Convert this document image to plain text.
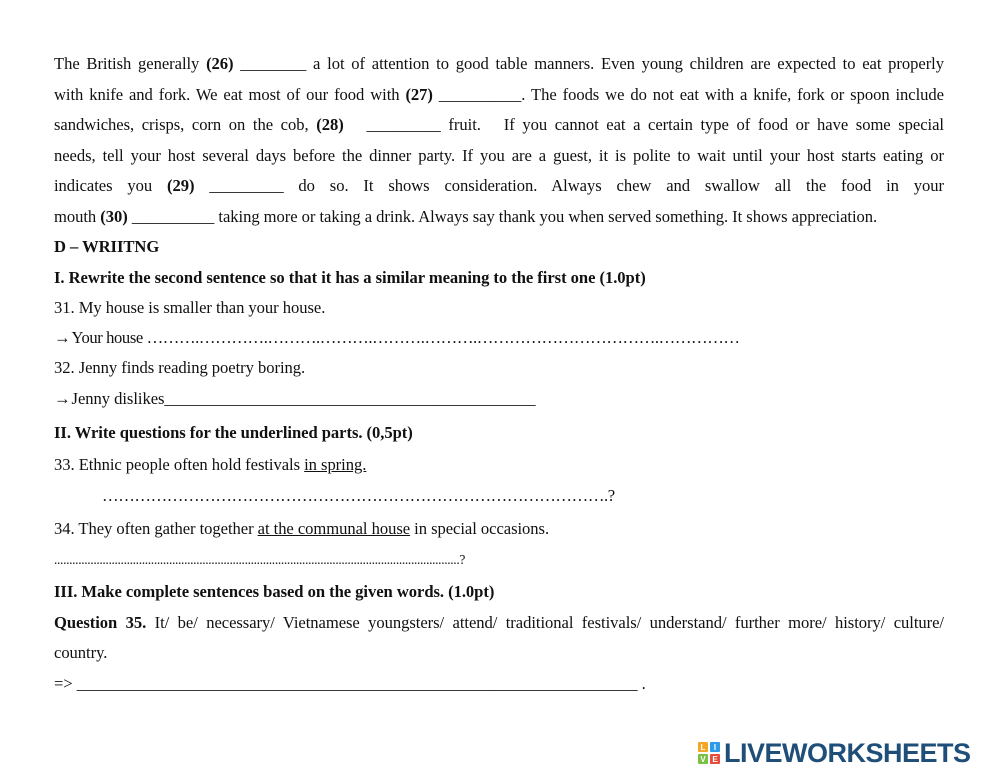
The British generally (26) ________ a lot of attention to good table manners. Even young children are expected to eat properly
with knife and fork. We eat most of our food with (27) __________. The foods we do not eat with a knife, fork or spoon include
sandwiches, crisps, corn on the cob, (28)   _________ fruit.   If you cannot eat a certain type of food or have some special
needs, tell your host several days before the dinner party. If you are a guest, it is polite to wait until your host starts eating or
indicates you (29) _________ do so. It shows consideration. Always chew and swallow all the food in your
mouth (30) __________ taking more or taking a drink. Always say thank you when served something. It shows appreciation.
D – WRIITNG
I. Rewrite the second sentence so that it has a similar meaning to the first one (1.0pt)
31. My house is smaller than your house.
→Your house ……….………….……….……….……….……….…………………………….……………
32. Jenny finds reading poetry boring.
→Jenny dislikes_____________________________________________
II. Write questions for the underlined parts. (0,5pt)
33. Ethnic people often hold festivals in spring.
………………………………………………………………………………….?
34. They often gather together at the communal house in special occasions.
......................................................................................................................................?
III. Make complete sentences based on the given words. (1.0pt)
Question 35. It/ be/ necessary/ Vietnamese youngsters/ attend/ traditional festivals/ understand/ further more/ history/ culture/
country.
=> ____________________________________________________________________ .
L	I
V E LIVEWORKSHEETS
